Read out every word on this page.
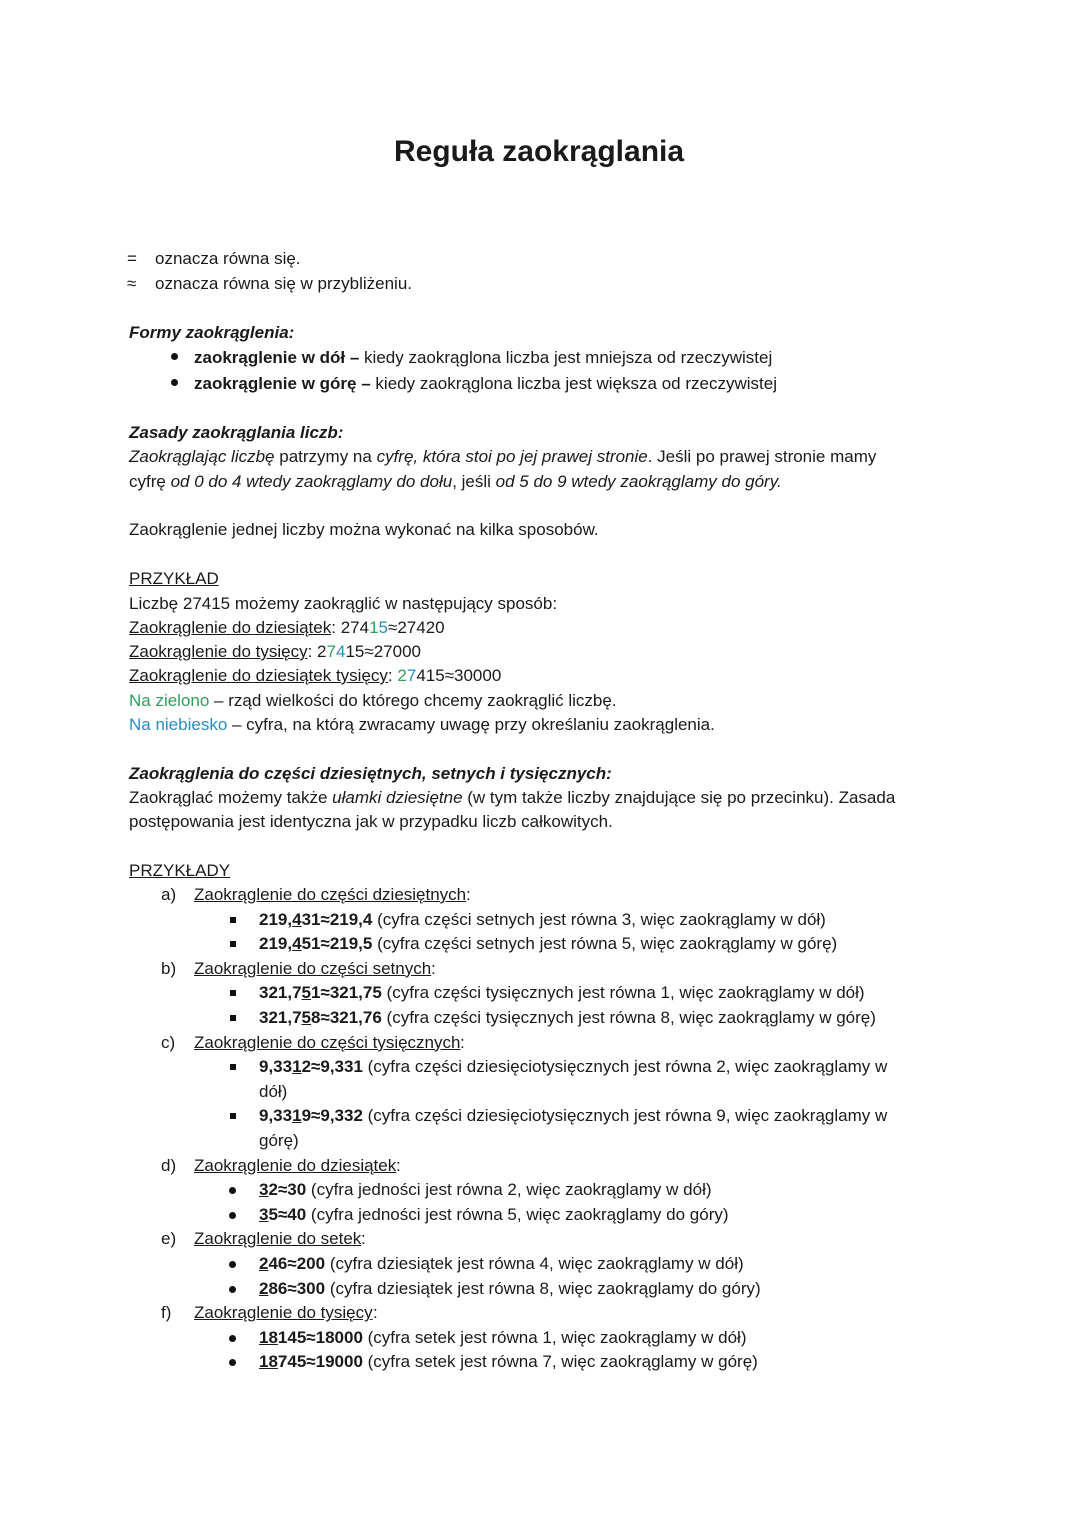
Reguła zaokrąglania
= oznacza równa się.
≈ oznacza równa się w przybliżeniu.
Formy zaokrąglenia:
zaokrąglenie w dół – kiedy zaokrąglona liczba jest mniejsza od rzeczywistej
zaokrąglenie w górę – kiedy zaokrąglona liczba jest większa od rzeczywistej
Zasady zaokrąglania liczb:
Zaokrąglając liczbę patrzymy na cyfrę, która stoi po jej prawej stronie. Jeśli po prawej stronie mamy
cyfrę od 0 do 4 wtedy zaokrąglamy do dołu, jeśli od 5 do 9 wtedy zaokrąglamy do góry.
Zaokrąglenie jednej liczby można wykonać na kilka sposobów.
PRZYKŁAD
Liczbę 27415 możemy zaokrąglić w następujący sposób:
Zaokrąglenie do dziesiątek: 27415≈27420
Zaokrąglenie do tysięcy: 27415≈27000
Zaokrąglenie do dziesiątek tysięcy: 27415≈30000
Na zielono – rząd wielkości do którego chcemy zaokrąglić liczbę.
Na niebiesko – cyfra, na którą zwracamy uwagę przy określaniu zaokrąglenia.
Zaokrąglenia do części dziesiętnych, setnych i tysięcznych:
Zaokrąglać możemy także ułamki dziesiętne (w tym także liczby znajdujące się po przecinku). Zasada
postępowania jest identyczna jak w przypadku liczb całkowitych.
PRZYKŁADY
a) Zaokrąglenie do części dziesiętnych :
219,431≈219,4 (cyfra części setnych jest równa 3, więc zaokrąglamy w dół)
219,451≈219,5 (cyfra części setnych jest równa 5, więc zaokrąglamy w górę)
b) Zaokrąglenie do części setnych :
321,751≈321,75 (cyfra części tysięcznych jest równa 1, więc zaokrąglamy w dół)
321,758≈321,76 (cyfra części tysięcznych jest równa 8, więc zaokrąglamy w górę)
c) Zaokrąglenie do części tysięcznych :
9,3312≈9,331 (cyfra części dziesięciotysięcznych jest równa 2, więc zaokrąglamy w
dół)
9,3319≈9,332 (cyfra części dziesięciotysięcznych jest równa 9, więc zaokrąglamy w
górę)
d) Zaokrąglenie do dziesiątek :
32≈30 (cyfra jedności jest równa 2, więc zaokrąglamy w dół)
35≈40 (cyfra jedności jest równa 5, więc zaokrąglamy do góry)
e) Zaokrąglenie do setek :
246≈200 (cyfra dziesiątek jest równa 4, więc zaokrąglamy w dół)
286≈300 (cyfra dziesiątek jest równa 8, więc zaokrąglamy do góry)
f) Zaokrąglenie do tysięcy :
18145≈18000 (cyfra setek jest równa 1, więc zaokrąglamy w dół)
18745≈19000 (cyfra setek jest równa 7, więc zaokrąglamy w górę)
